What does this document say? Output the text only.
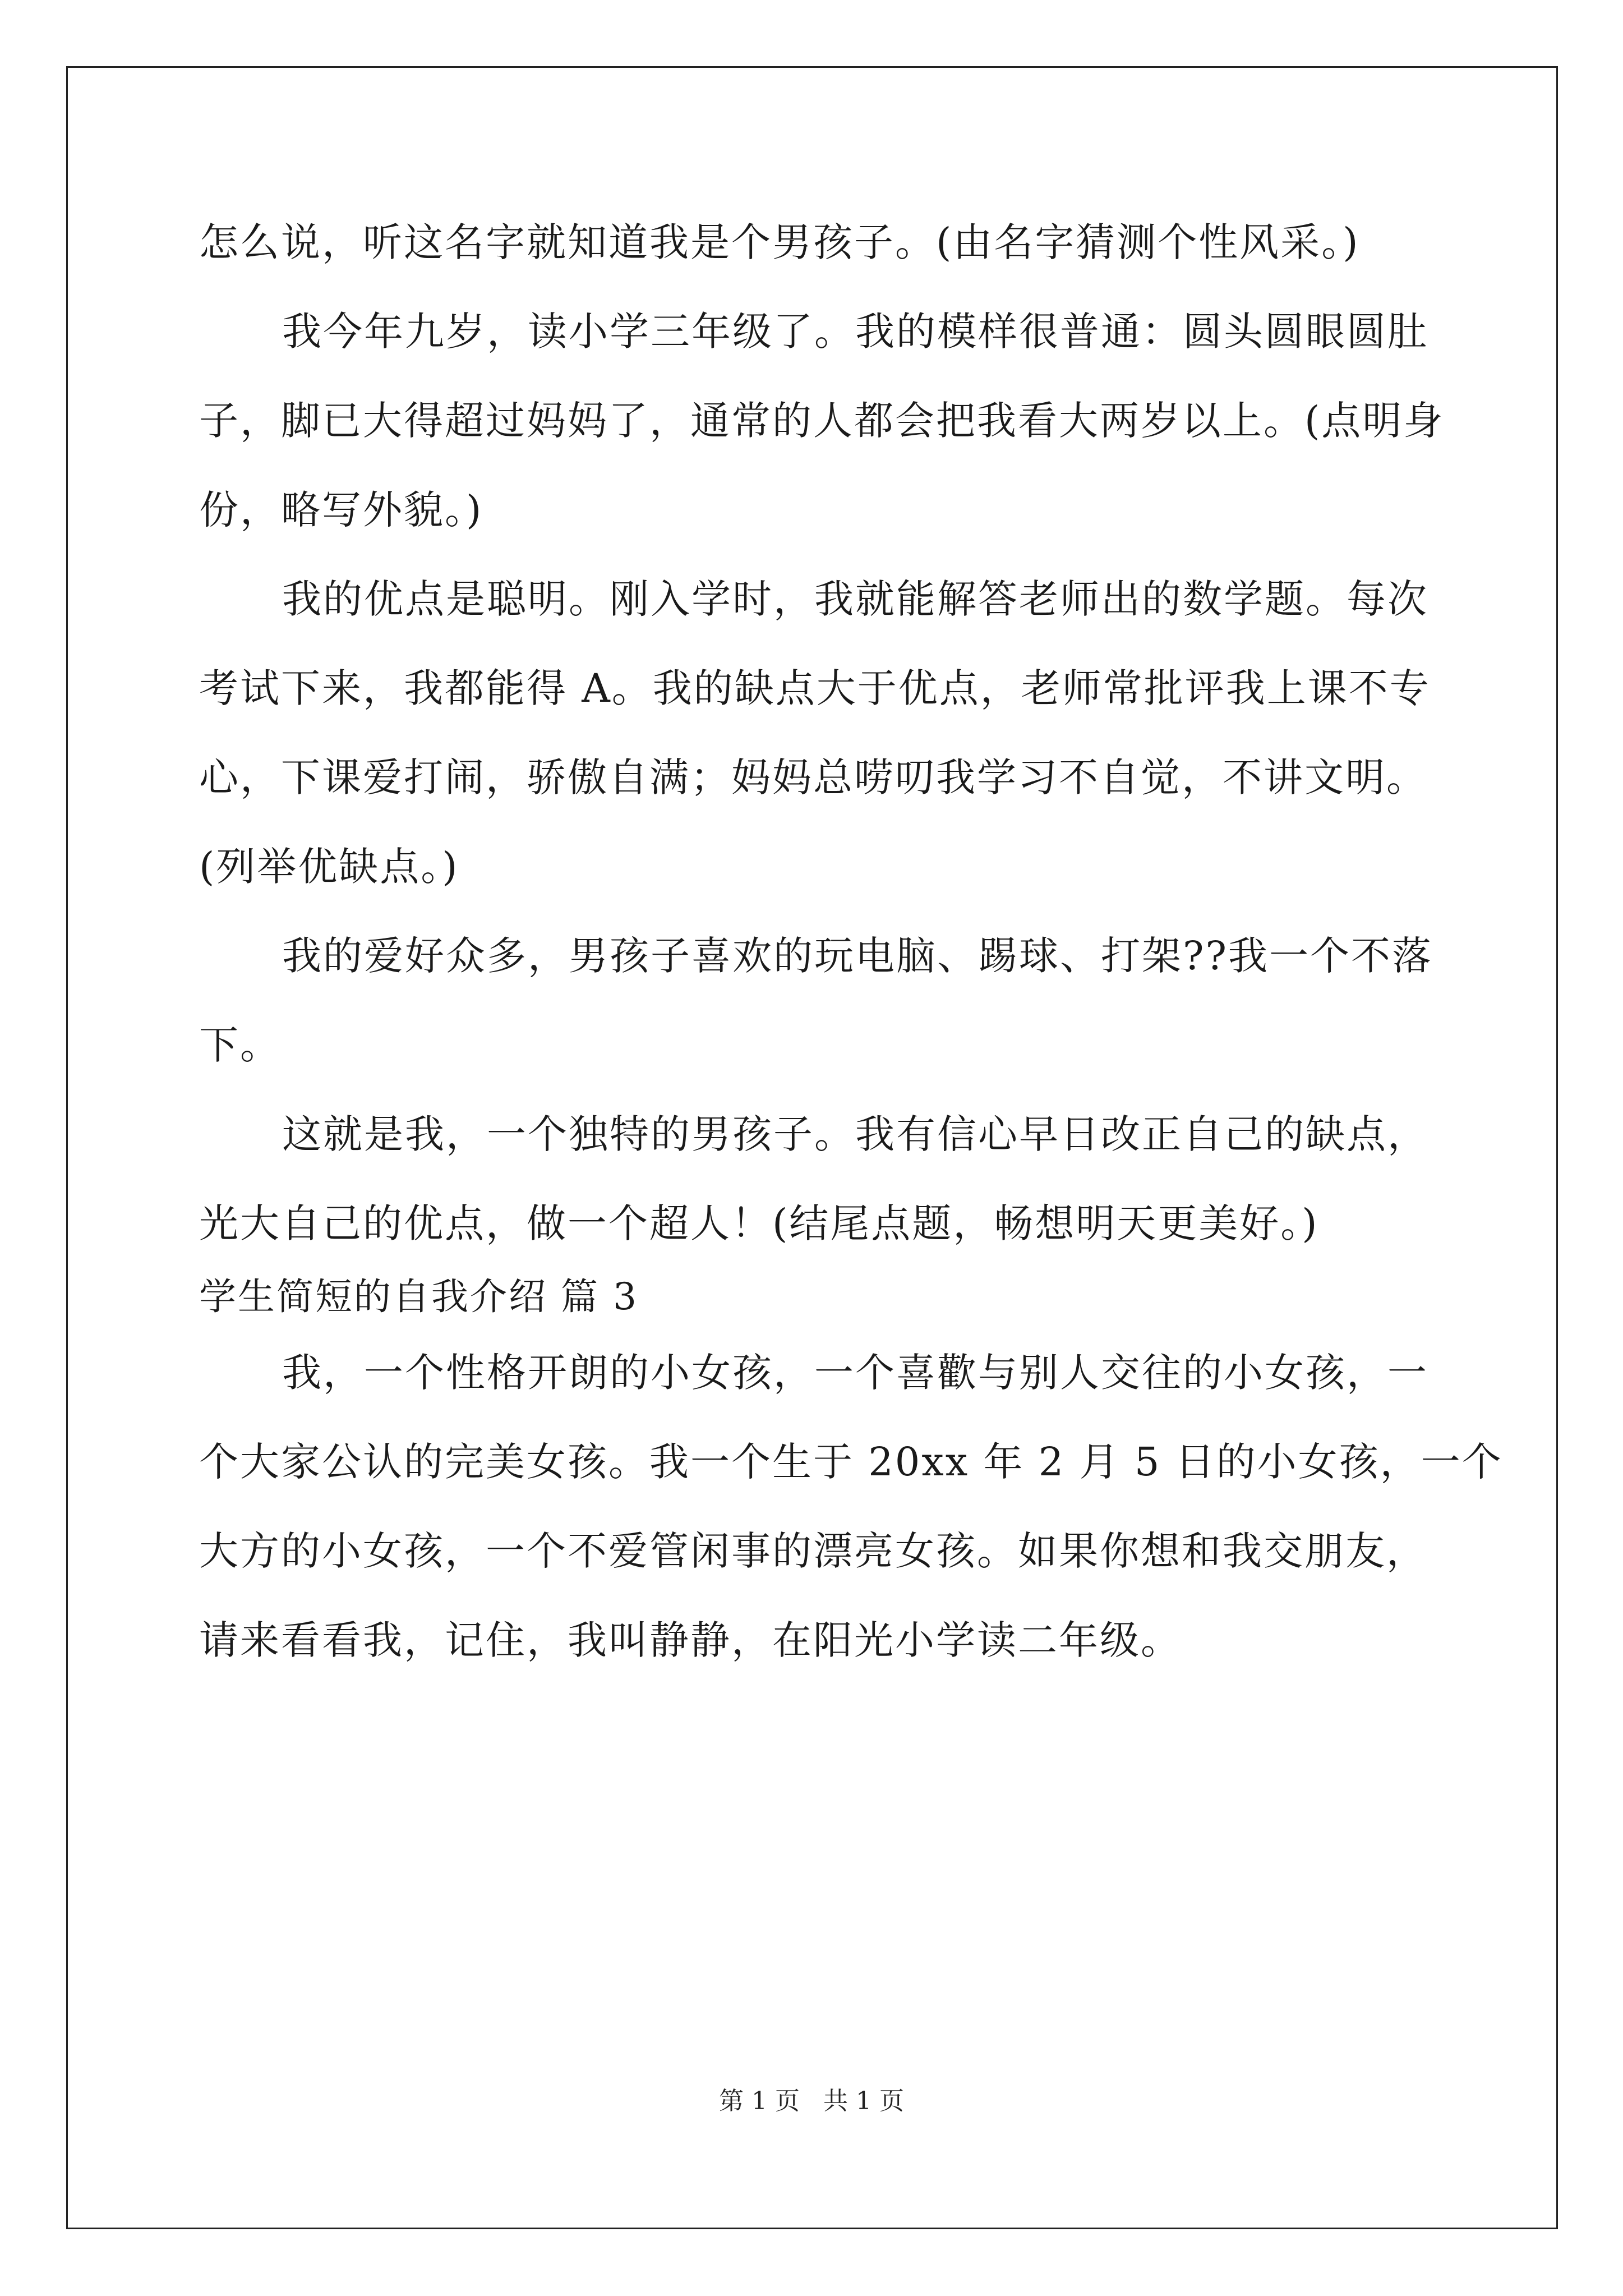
怎么说，听这名字就知道我是个男孩子。(由名字猜测个性风采。)
我今年九岁，读小学三年级了。我的模样很普通：圆头圆眼圆肚
子，脚已大得超过妈妈了，通常的人都会把我看大两岁以上。(点明身
份，略写外貌。)
我的优点是聪明。刚入学时，我就能解答老师出的数学题。每次
考试下来，我都能得 A。我的缺点大于优点，老师常批评我上课不专
心，下课爱打闹，骄傲自满；妈妈总唠叨我学习不自觉，不讲文明。
(列举优缺点。)
我的爱好众多，男孩子喜欢的玩电脑、踢球、打架??我一个不落
下。
这就是我，一个独特的男孩子。我有信心早日改正自己的缺点，
光大自己的优点，做一个超人！(结尾点题，畅想明天更美好。)
学生简短的自我介绍 篇 3
我，一个性格开朗的小女孩，一个喜歡与别人交往的小女孩，一
个大家公认的完美女孩。我一个生于 20xx 年 2 月 5 日的小女孩，一个
大方的小女孩，一个不爱管闲事的漂亮女孩。如果你想和我交朋友，
请来看看我，记住，我叫静静，在阳光小学读二年级。
第 1 页   共 1 页
